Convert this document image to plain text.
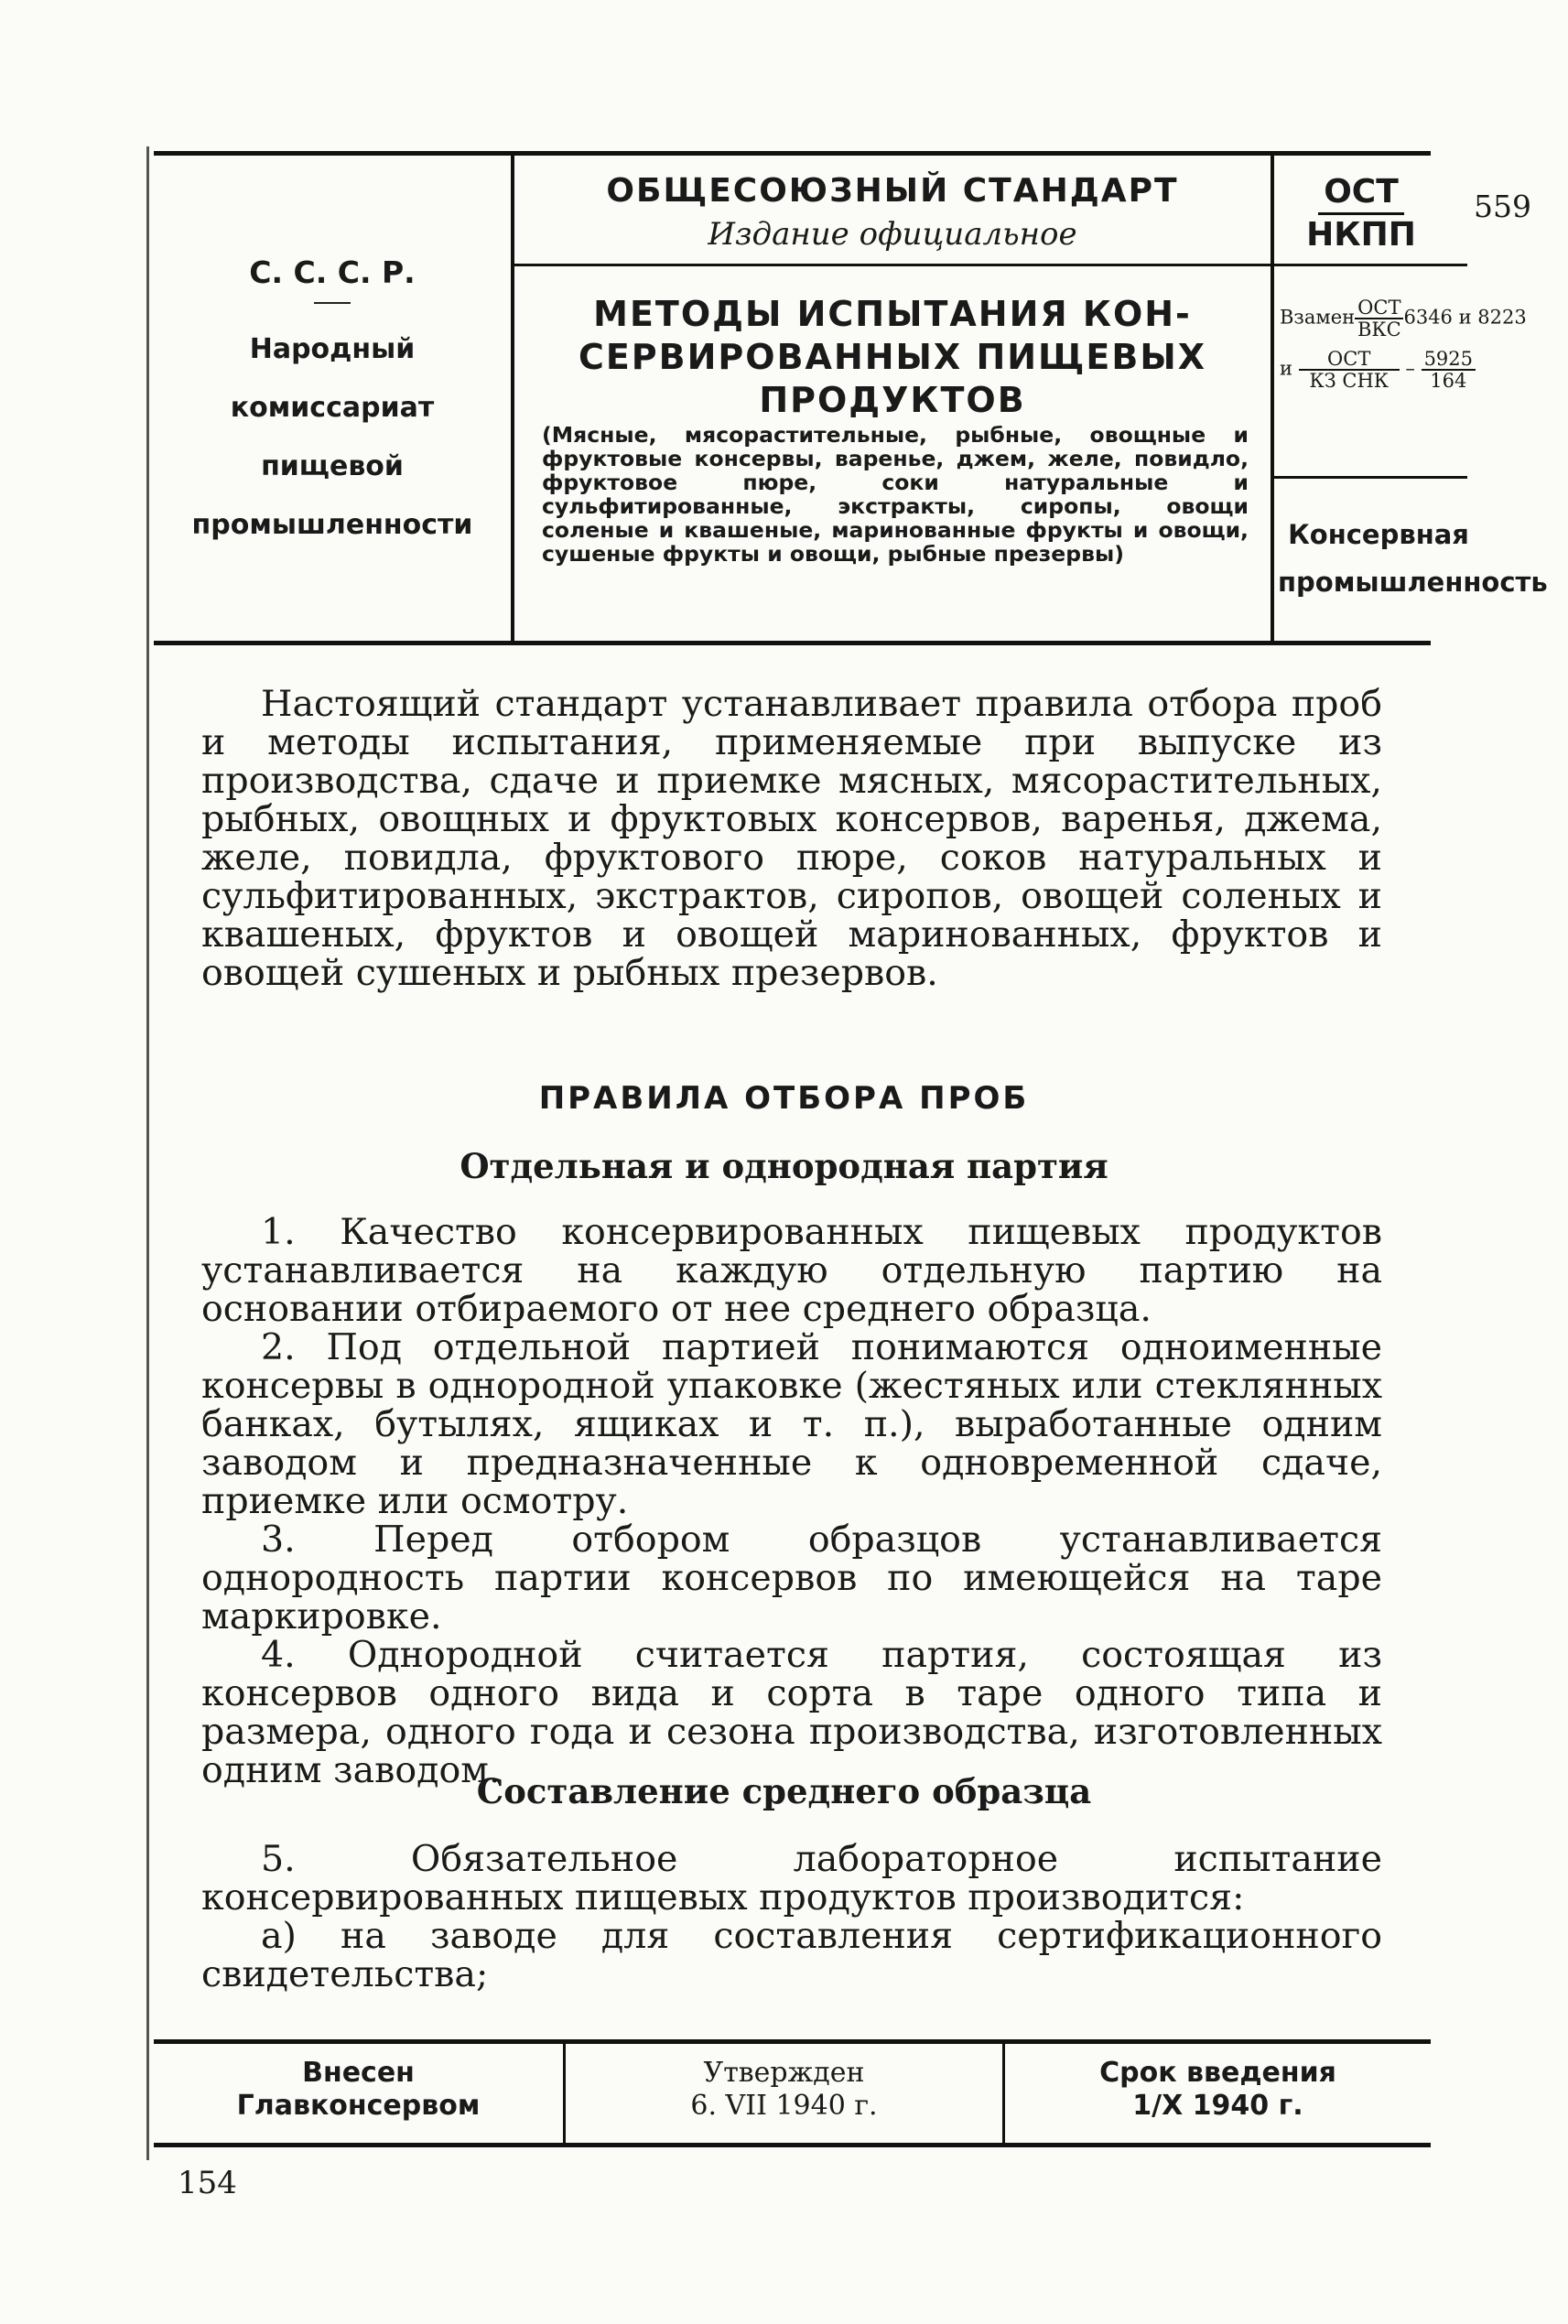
С. С. С. Р.
Народный
комиссариат
пищевой
промышленности
ОБЩЕСОЮЗНЫЙ СТАНДАРТ
Издание официальное
МЕТОДЫ ИСПЫТАНИЯ КОН-
СЕРВИРОВАННЫХ ПИЩЕВЫХ
ПРОДУКТОВ
(Мясные, мясорастительные, рыбные, овощные и фруктовые консервы, варенье, джем, желе, повидло, фруктовое пюре, соки натуральные и сульфитированные, экстракты, сиропы, овощи соленые и квашеные, маринованные фрукты и овощи, сушеные фрукты и овощи, рыбные презервы)
ОСТ
НКПП
559
Взамен $\frac{\text{ОСТ}}{\text{ВКС}} 6346$ и 8223
и $\frac{\text{ОСТ}}{\text{КЗ СНК}} - \frac{5925}{164}$
Консервная
промышленность

Настоящий стандарт устанавливает правила отбора проб и методы испытания, применяемые при выпуске из производства, сдаче и приемке мясных, мясорастительных, рыбных, овощных и фруктовых консервов, варенья, джема, желе, повидла, фруктового пюре, соков натуральных и сульфитированных, экстрактов, сиропов, овощей соленых и квашеных, фруктов и овощей маринованных, фруктов и овощей сушеных и рыбных презервов.

ПРАВИЛА ОТБОРА ПРОБ
Отдельная и однородная партия

1. Качество консервированных пищевых продуктов устанавливается на каждую отдельную партию на основании отбираемого от нее среднего образца.

2. Под отдельной партией понимаются одноименные консервы в однородной упаковке (жестяных или стеклянных банках, бутылях, ящиках и т. п.), выработанные одним заводом и предназначенные к одновременной сдаче, приемке или осмотру.

3. Перед отбором образцов устанавливается однородность партии консервов по имеющейся на таре маркировке.

4. Однородной считается партия, состоящая из консервов одного вида и сорта в таре одного типа и размера, одного года и сезона производства, изготовленных одним заводом.

Составление среднего образца

5. Обязательное лабораторное испытание консервированных пищевых продуктов производится:

а) на заводе для составления сертификационного свидетельства;

Внесен
Главконсервом
Утвержден
6. VII 1940 г.
Срок введения
1/X 1940 г.
154
